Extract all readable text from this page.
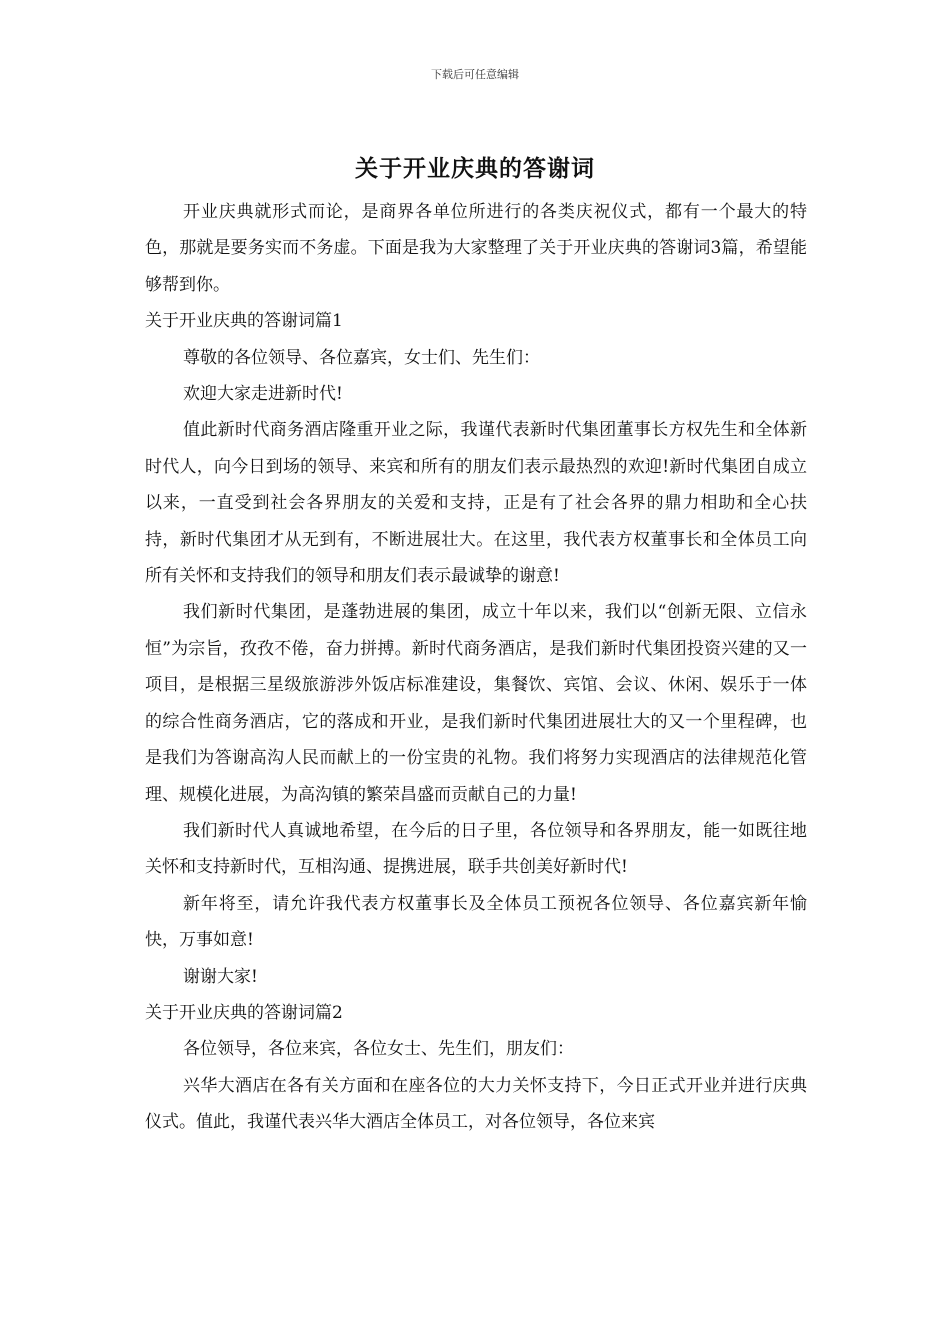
下载后可任意编辑
关于开业庆典的答谢词

开业庆典就形式而论，是商界各单位所进行的各类庆祝仪式，都有一个最大的特色，那就是要务实而不务虚。下面是我为大家整理了关于开业庆典的答谢词3篇，希望能够帮到你。

关于开业庆典的答谢词篇1

尊敬的各位领导、各位嘉宾，女士们、先生们：

欢迎大家走进新时代!

值此新时代商务酒店隆重开业之际，我谨代表新时代集团董事长方权先生和全体新时代人，向今日到场的领导、来宾和所有的朋友们表示最热烈的欢迎!新时代集团自成立以来，一直受到社会各界朋友的关爱和支持，正是有了社会各界的鼎力相助和全心扶持，新时代集团才从无到有，不断进展壮大。在这里，我代表方权董事长和全体员工向所有关怀和支持我们的领导和朋友们表示最诚挚的谢意!

我们新时代集团，是蓬勃进展的集团，成立十年以来，我们以“创新无限、立信永恒”为宗旨，孜孜不倦，奋力拼搏。新时代商务酒店，是我们新时代集团投资兴建的又一项目，是根据三星级旅游涉外饭店标准建设，集餐饮、宾馆、会议、休闲、娱乐于一体的综合性商务酒店，它的落成和开业，是我们新时代集团进展壮大的又一个里程碑，也是我们为答谢高沟人民而献上的一份宝贵的礼物。我们将努力实现酒店的法律规范化管理、规模化进展，为高沟镇的繁荣昌盛而贡献自己的力量!

我们新时代人真诚地希望，在今后的日子里，各位领导和各界朋友，能一如既往地关怀和支持新时代，互相沟通、提携进展，联手共创美好新时代!

新年将至，请允许我代表方权董事长及全体员工预祝各位领导、各位嘉宾新年愉快，万事如意!

谢谢大家!

关于开业庆典的答谢词篇2

各位领导，各位来宾，各位女士、先生们，朋友们：

兴华大酒店在各有关方面和在座各位的大力关怀支持下，今日正式开业并进行庆典仪式。值此，我谨代表兴华大酒店全体员工，对各位领导，各位来宾
